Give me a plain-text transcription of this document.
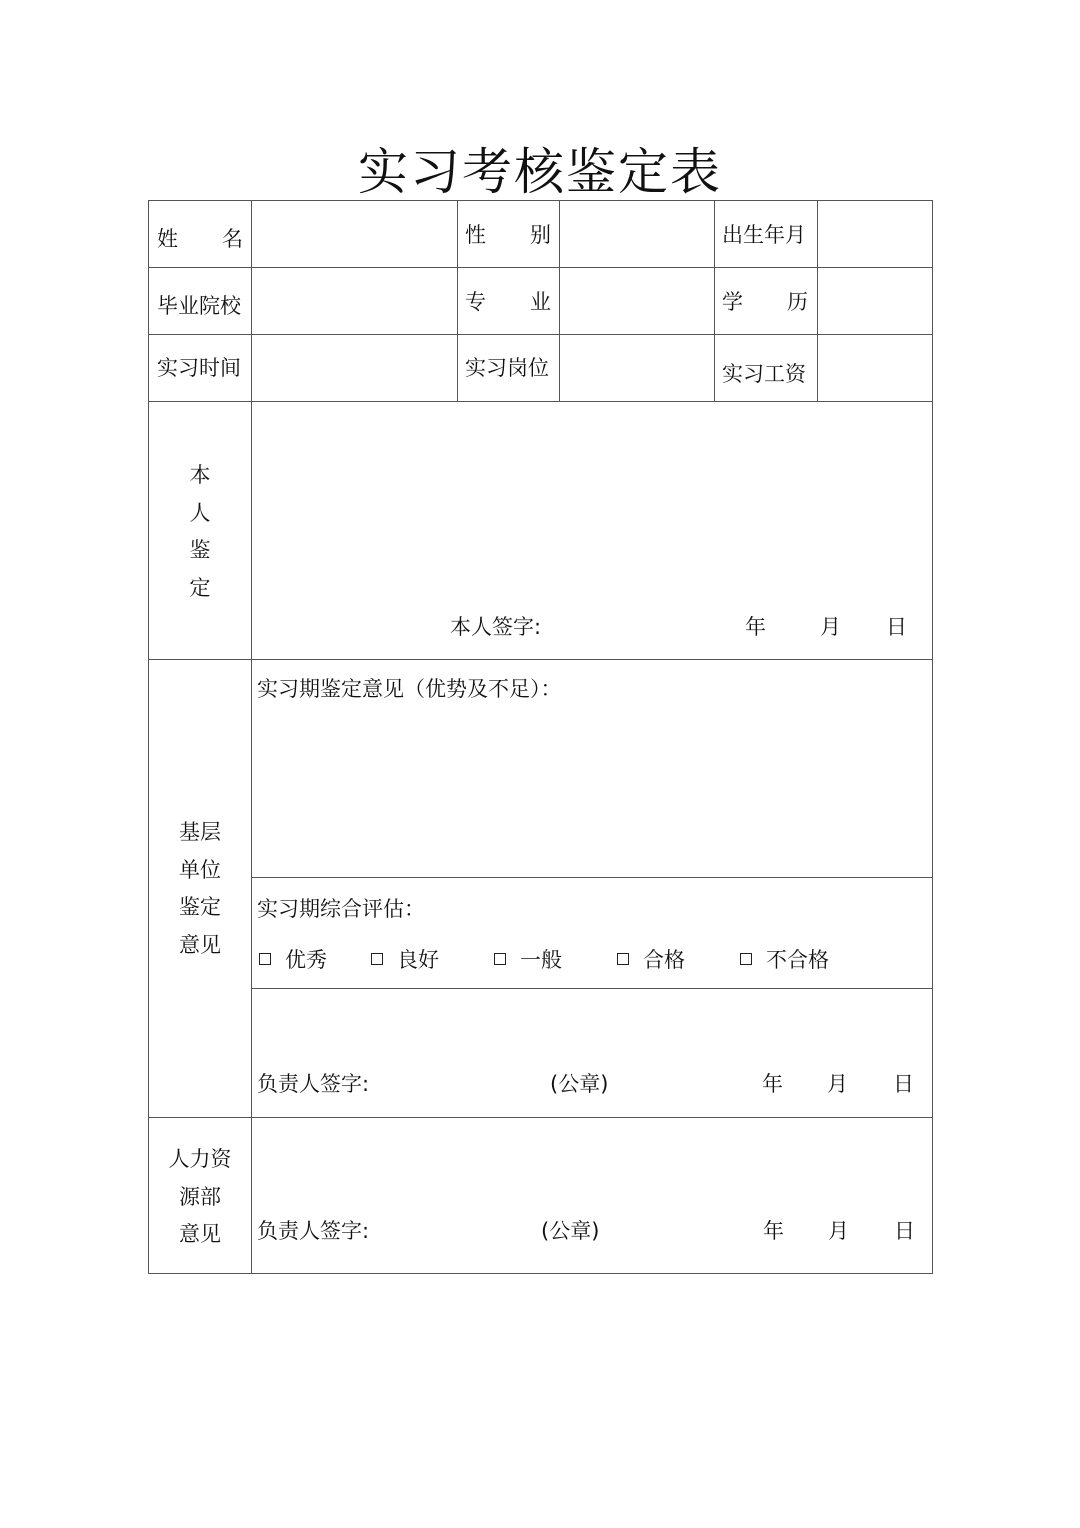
实习考核鉴定表
姓 名	性 别	出生年月
毕业院校	专 业	学 历
实习时间	实习岗位	实习工资
本
人
鉴
定
本人签字:	年	月 日
基层
单位
鉴定
意见
实习期鉴定意见（优势及不足）：
实习期综合评估：
优秀	良好	一般	合格	不合格
负责人签字:	(公章)	年 月 日
人力资
源部
意见	负责人签字:	(公章)	年 月 日
